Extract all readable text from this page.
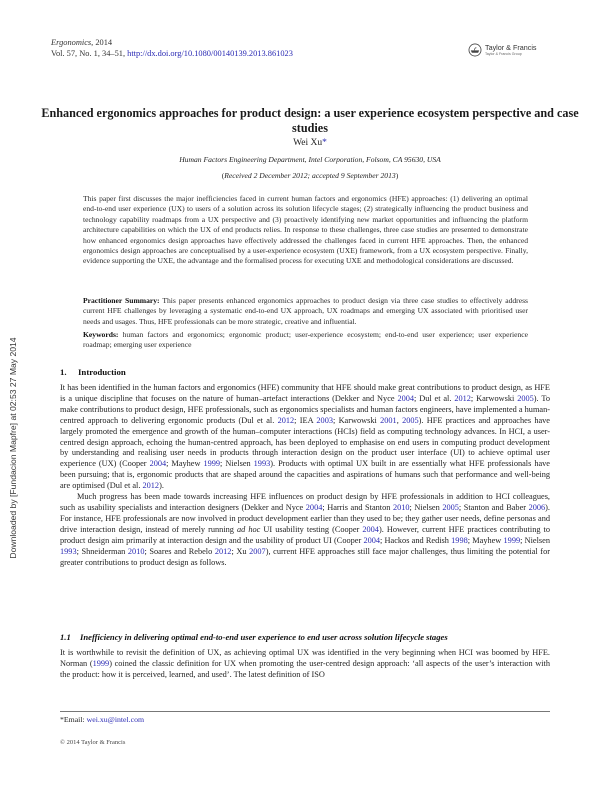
Ergonomics, 2014
Vol. 57, No. 1, 34–51, http://dx.doi.org/10.1080/00140139.2013.861023
Taylor & Francis
Taylor & Francis Group
Downloaded by [Fundacion Mapfre] at 02:53 27 May 2014
Enhanced ergonomics approaches for product design: a user experience ecosystem perspective and case studies
Wei Xu*
Human Factors Engineering Department, Intel Corporation, Folsom, CA 95630, USA
(Received 2 December 2012; accepted 9 September 2013)
This paper first discusses the major inefficiencies faced in current human factors and ergonomics (HFE) approaches: (1) delivering an optimal end-to-end user experience (UX) to users of a solution across its solution lifecycle stages; (2) strategically influencing the product business and technology capability roadmaps from a UX perspective and (3) proactively identifying new market opportunities and influencing the platform architecture capabilities on which the UX of end products relies. In response to these challenges, three case studies are presented to demonstrate how enhanced ergonomics design approaches have effectively addressed the challenges faced in current HFE approaches. Then, the enhanced ergonomics design approaches are conceptualised by a user-experience ecosystem (UXE) framework, from a UX ecosystem perspective. Finally, evidence supporting the UXE, the advantage and the formalised process for executing UXE and methodological considerations are discussed.
Practitioner Summary: This paper presents enhanced ergonomics approaches to product design via three case studies to effectively address current HFE challenges by leveraging a systematic end-to-end UX approach, UX roadmaps and emerging UX associated with prioritised user needs and usages. Thus, HFE professionals can be more strategic, creative and influential.
Keywords: human factors and ergonomics; ergonomic product; user-experience ecosystem; end-to-end user experience; user experience roadmap; emerging user experience
1. Introduction

It has been identified in the human factors and ergonomics (HFE) community that HFE should make great contributions to product design, as HFE is a unique discipline that focuses on the nature of human–artefact interactions (Dekker and Nyce 2004; Dul et al. 2012; Karwowski 2005). To make contributions to product design, HFE professionals, such as ergonomics specialists and human factors engineers, have implemented a human-centred approach to delivering ergonomic products (Dul et al. 2012; IEA 2003; Karwowski 2001, 2005). HFE practices and approaches have largely promoted the emergence and growth of the human–computer interactions (HCIs) field as computing technology advances. In HCI, a user-centred design approach, echoing the human-centred approach, has been deployed to emphasise on end users in computing product development by understanding and realising user needs in products through interaction design on the product user interface (UI) to achieve optimal user experience (UX) (Cooper 2004; Mayhew 1999; Nielsen 1993). Products with optimal UX built in are essentially what HFE professionals have been pursuing; that is, ergonomic products that are shaped around the capacities and aspirations of humans such that performance and well-being are optimised (Dul et al. 2012).

Much progress has been made towards increasing HFE influences on product design by HFE professionals in addition to HCI colleagues, such as usability specialists and interaction designers (Dekker and Nyce 2004; Harris and Stanton 2010; Nielsen 2005; Stanton and Baber 2006). For instance, HFE professionals are now involved in product development earlier than they used to be; they gather user needs, define personas and drive interaction design, instead of merely running ad hoc UI usability testing (Cooper 2004). However, current HFE practices contributing to product design aim primarily at interaction design and the usability of product UI (Cooper 2004; Hackos and Redish 1998; Mayhew 1999; Nielsen 1993; Shneiderman 2010; Soares and Rebelo 2012; Xu 2007), current HFE approaches still face major challenges, thus limiting the potential for greater contributions to product design as follows.

1.1 Inefficiency in delivering optimal end-to-end user experience to end user across solution lifecycle stages

It is worthwhile to revisit the definition of UX, as achieving optimal UX was identified in the very beginning when HCI was boomed by HFE. Norman (1999) coined the classic definition for UX when promoting the user-centred design approach: ‘all aspects of the user’s interaction with the product: how it is perceived, learned, and used’. The latest definition of ISO

*Email: wei.xu@intel.com
© 2014 Taylor & Francis
